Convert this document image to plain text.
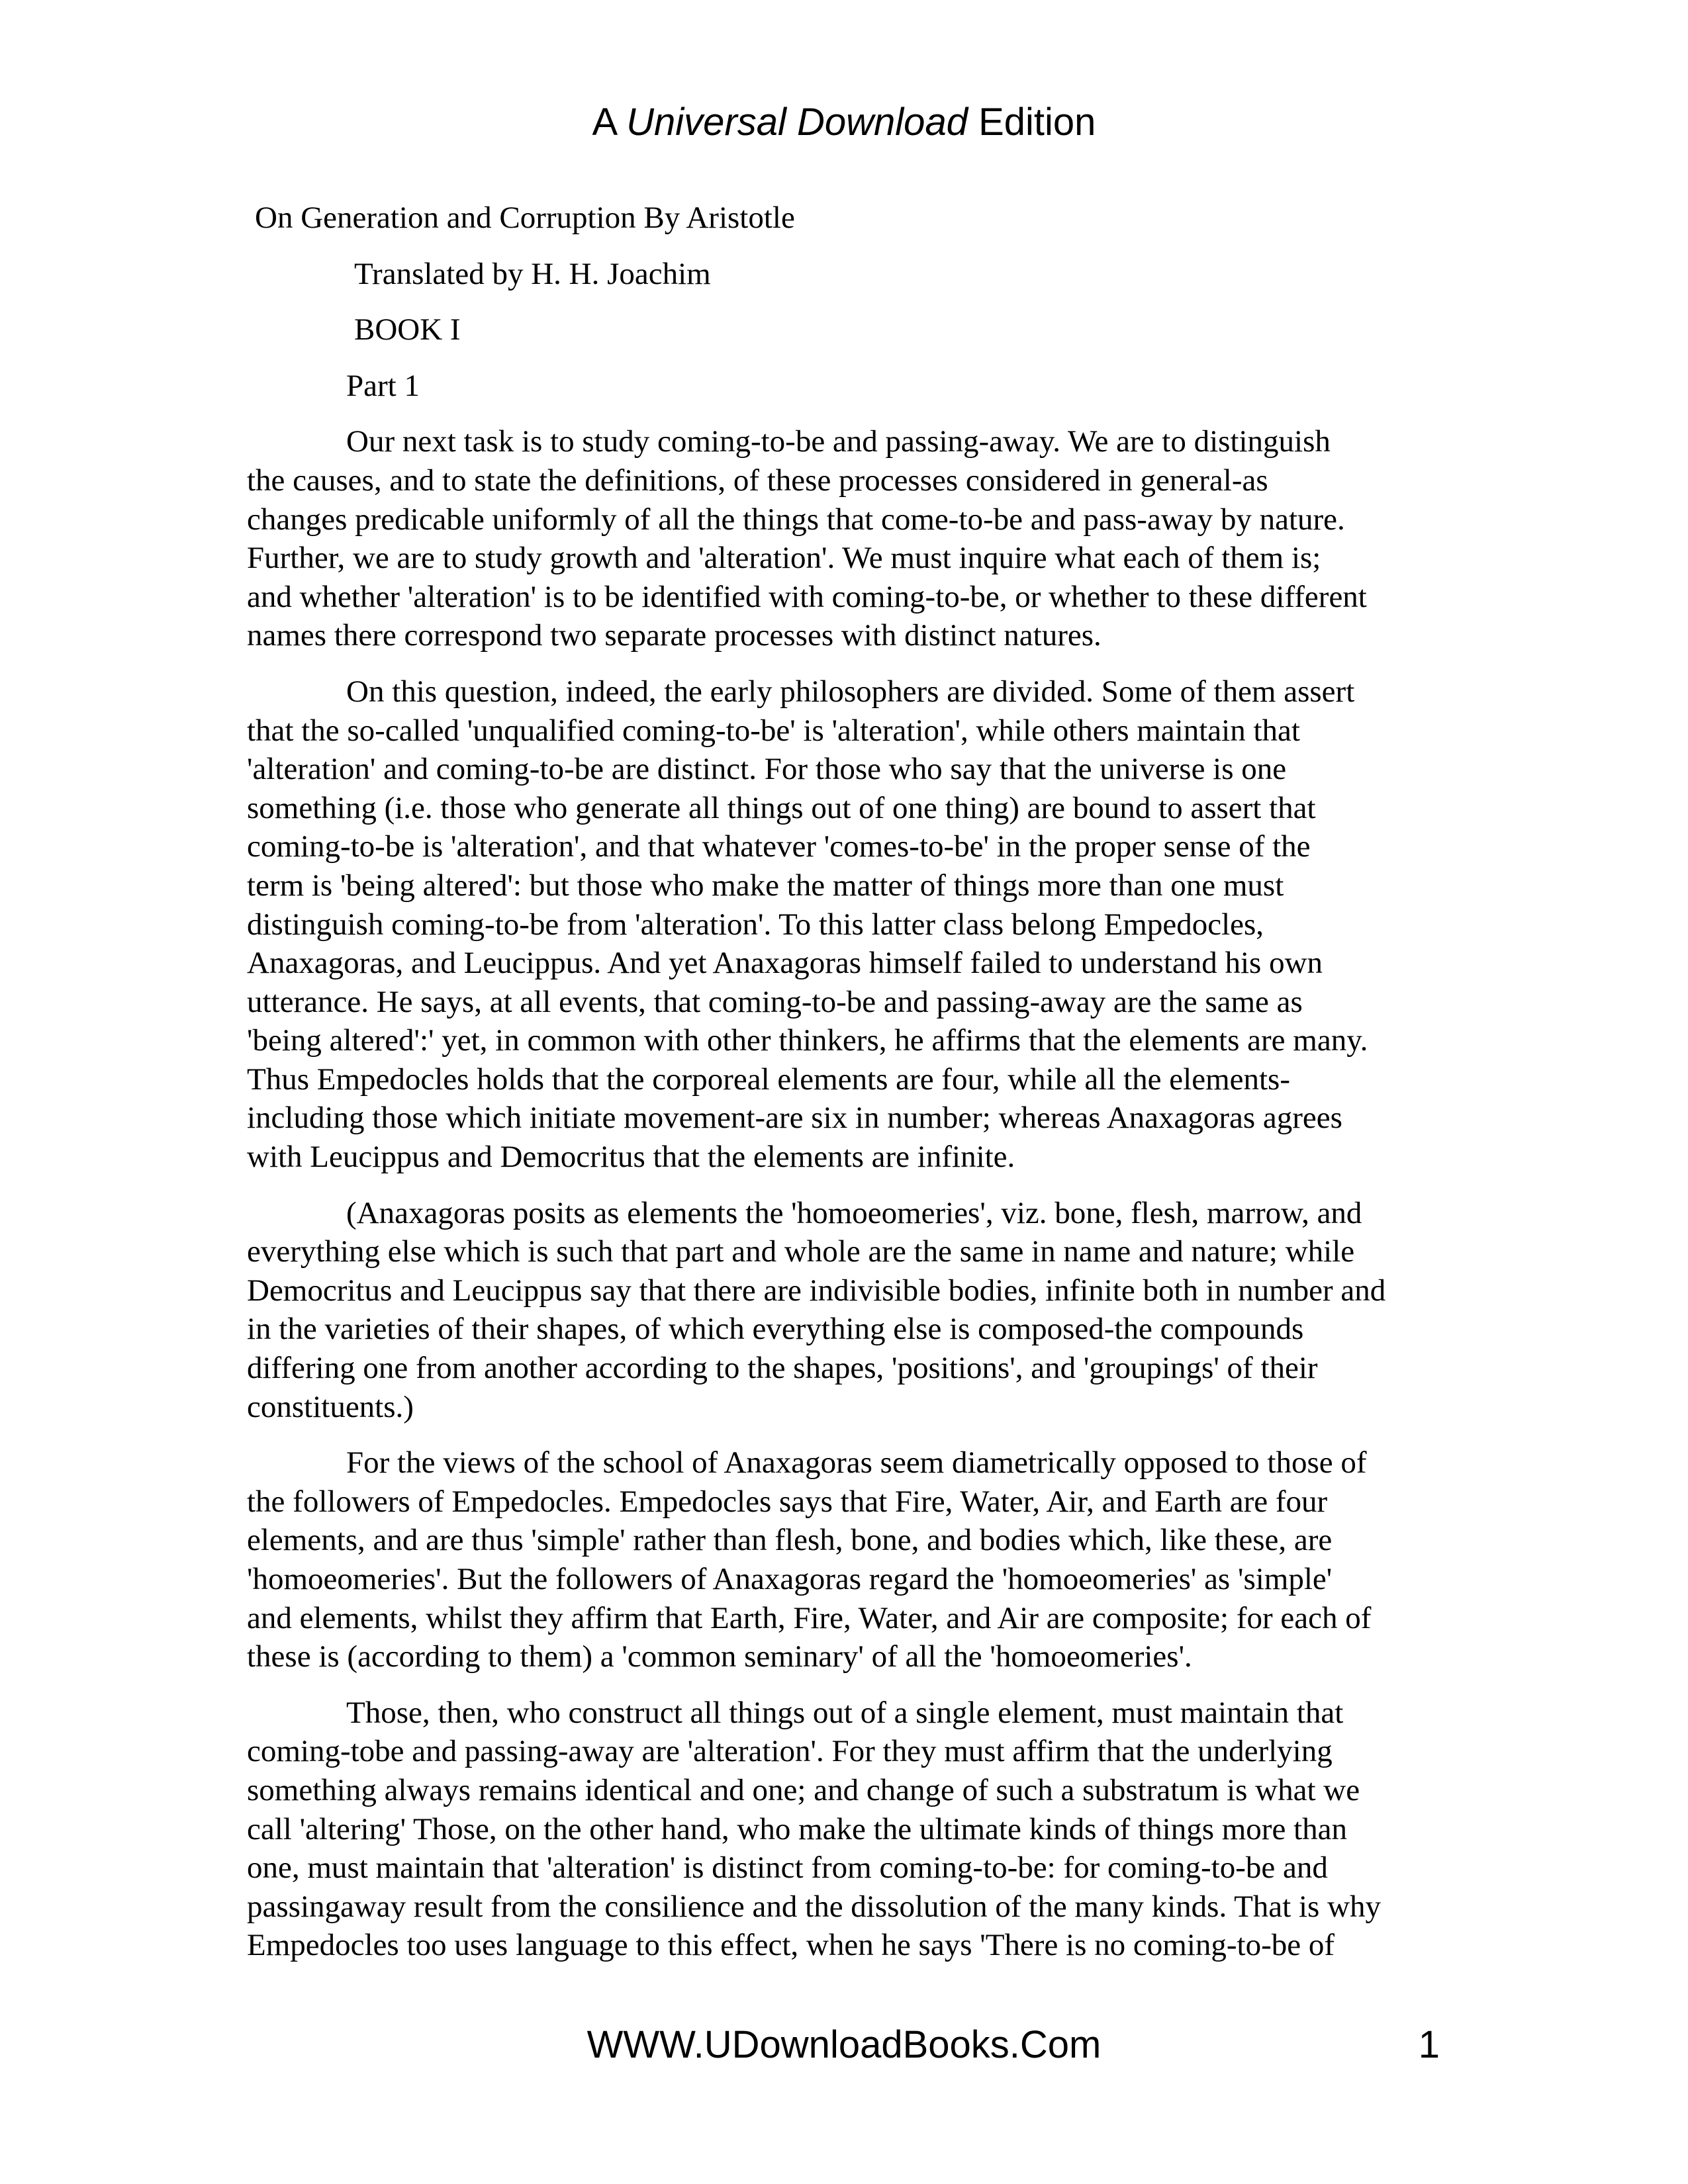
A Universal Download Edition

On Generation and Corruption By Aristotle

Translated by H. H. Joachim

BOOK I

Part 1

Our next task is to study coming-to-be and passing-away. We are to distinguish
the causes, and to state the definitions, of these processes considered in general-as
changes predicable uniformly of all the things that come-to-be and pass-away by nature.
Further, we are to study growth and 'alteration'. We must inquire what each of them is;
and whether 'alteration' is to be identified with coming-to-be, or whether to these different
names there correspond two separate processes with distinct natures.

On this question, indeed, the early philosophers are divided. Some of them assert
that the so-called 'unqualified coming-to-be' is 'alteration', while others maintain that
'alteration' and coming-to-be are distinct. For those who say that the universe is one
something (i.e. those who generate all things out of one thing) are bound to assert that
coming-to-be is 'alteration', and that whatever 'comes-to-be' in the proper sense of the
term is 'being altered': but those who make the matter of things more than one must
distinguish coming-to-be from 'alteration'. To this latter class belong Empedocles,
Anaxagoras, and Leucippus. And yet Anaxagoras himself failed to understand his own
utterance. He says, at all events, that coming-to-be and passing-away are the same as
'being altered':' yet, in common with other thinkers, he affirms that the elements are many.
Thus Empedocles holds that the corporeal elements are four, while all the elements-
including those which initiate movement-are six in number; whereas Anaxagoras agrees
with Leucippus and Democritus that the elements are infinite.

(Anaxagoras posits as elements the 'homoeomeries', viz. bone, flesh, marrow, and
everything else which is such that part and whole are the same in name and nature; while
Democritus and Leucippus say that there are indivisible bodies, infinite both in number and
in the varieties of their shapes, of which everything else is composed-the compounds
differing one from another according to the shapes, 'positions', and 'groupings' of their
constituents.)

For the views of the school of Anaxagoras seem diametrically opposed to those of
the followers of Empedocles. Empedocles says that Fire, Water, Air, and Earth are four
elements, and are thus 'simple' rather than flesh, bone, and bodies which, like these, are
'homoeomeries'. But the followers of Anaxagoras regard the 'homoeomeries' as 'simple'
and elements, whilst they affirm that Earth, Fire, Water, and Air are composite; for each of
these is (according to them) a 'common seminary' of all the 'homoeomeries'.

Those, then, who construct all things out of a single element, must maintain that
coming-tobe and passing-away are 'alteration'. For they must affirm that the underlying
something always remains identical and one; and change of such a substratum is what we
call 'altering' Those, on the other hand, who make the ultimate kinds of things more than
one, must maintain that 'alteration' is distinct from coming-to-be: for coming-to-be and
passingaway result from the consilience and the dissolution of the many kinds. That is why
Empedocles too uses language to this effect, when he says 'There is no coming-to-be of

WWW.UDownloadBooks.Com	1
